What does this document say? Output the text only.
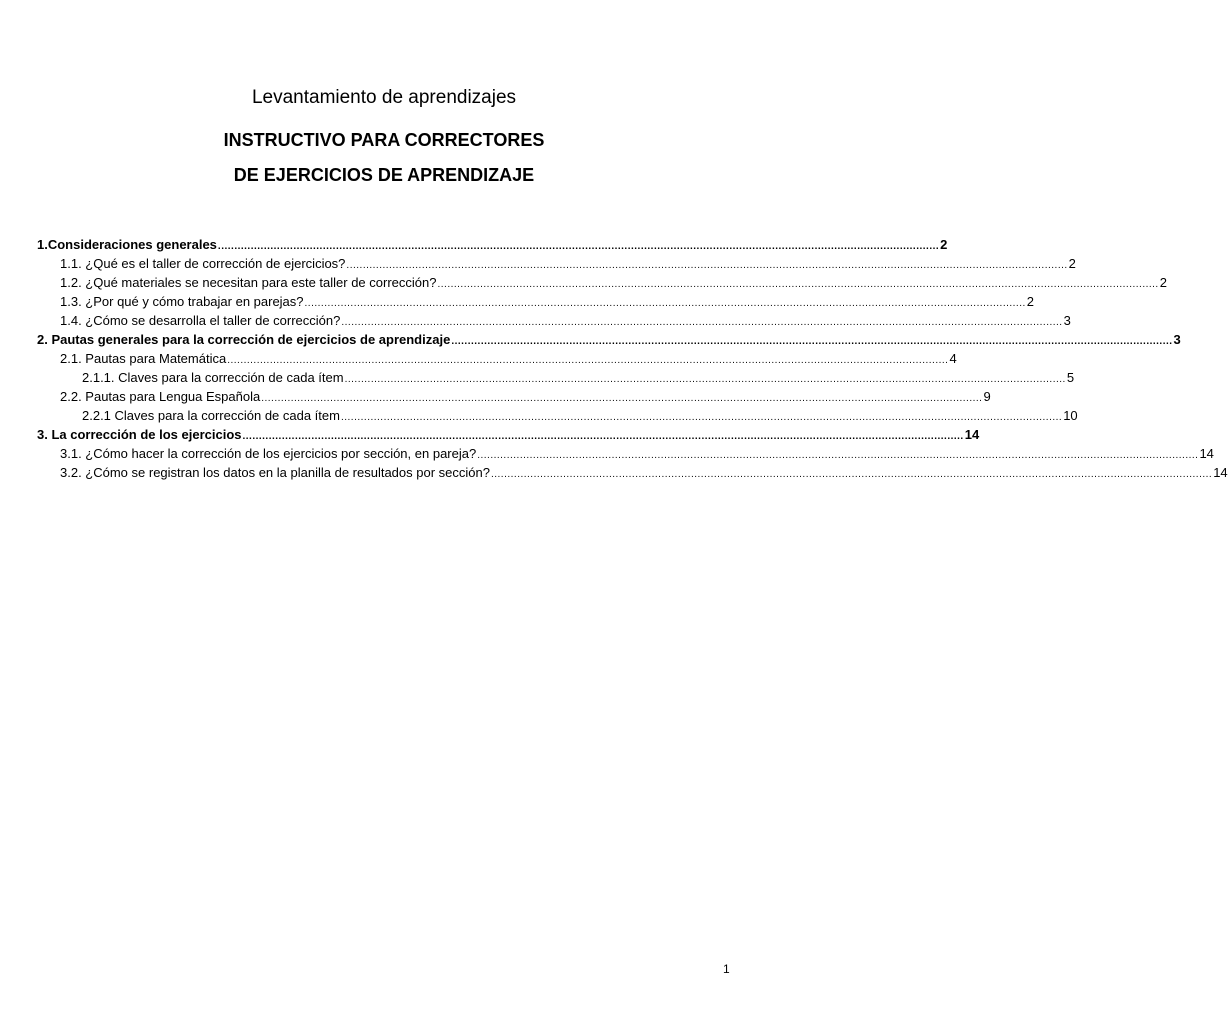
Levantamiento de aprendizajes
INSTRUCTIVO PARA CORRECTORES
DE EJERCICIOS DE APRENDIZAJE
1.Consideraciones generales ............................................................................................................................................................................................................................ 2
1.1. ¿Qué es el taller de corrección de ejercicios? ............................................................................................................................................................................................................................ 2
1.2. ¿Qué materiales se necesitan para este taller de corrección? ............................................................................................................................................................................................................................ 2
1.3. ¿Por qué y cómo trabajar en parejas? ............................................................................................................................................................................................................................ 2
1.4. ¿Cómo se desarrolla el taller de corrección? ............................................................................................................................................................................................................................ 3
2. Pautas generales para la corrección de ejercicios de aprendizaje ............................................................................................................................................................................................................................ 3
2.1. Pautas para Matemática ............................................................................................................................................................................................................................ 4
2.1.1. Claves para la corrección de cada ítem ............................................................................................................................................................................................................................ 5
2.2. Pautas para Lengua Española ............................................................................................................................................................................................................................ 9
2.2.1 Claves para la corrección de cada ítem ............................................................................................................................................................................................................................ 10
3. La corrección de los ejercicios ............................................................................................................................................................................................................................ 14
3.1. ¿Cómo hacer la corrección de los ejercicios por sección, en pareja? ............................................................................................................................................................................................................................ 14
3.2. ¿Cómo se registran los datos en la planilla de resultados por sección? ............................................................................................................................................................................................................................ 14
1
